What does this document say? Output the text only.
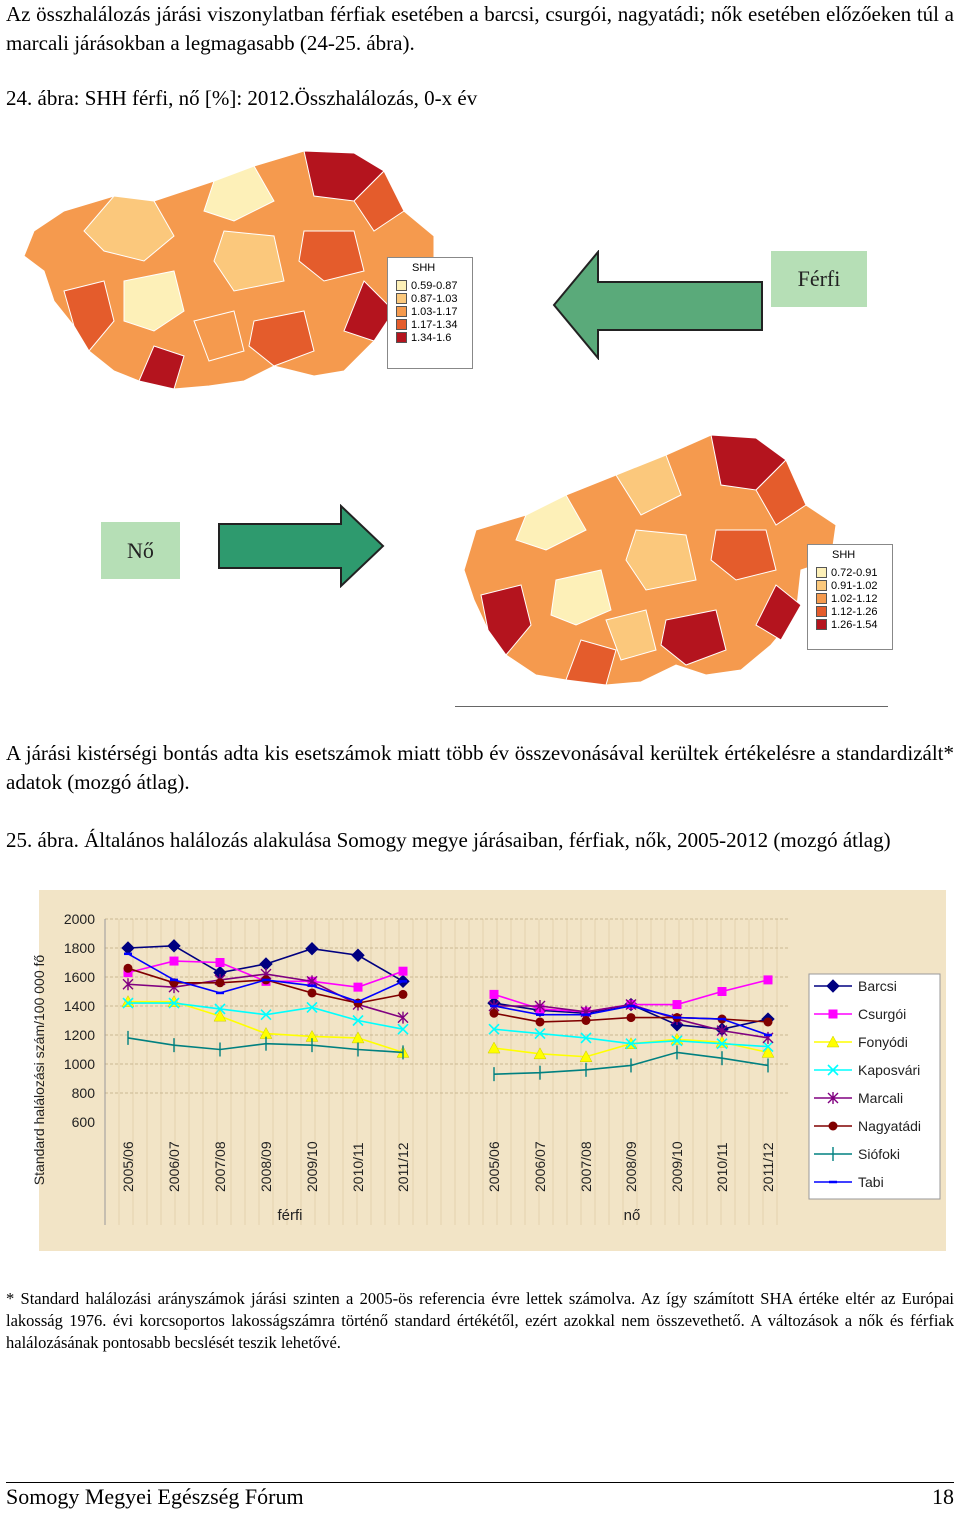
Az összhalálozás járási viszonylatban férfiak esetében a barcsi, csurgói, nagyatádi; nők esetében előzőeken túl a marcali járásokban a legmagasabb (24-25. ábra).
24. ábra: SHH férfi, nő [%]: 2012.Összhalálozás, 0-x év
SHH
0.59-0.87
0.87-1.03
1.03-1.17
1.17-1.34
1.34-1.6
Férfi
SHH
0.72-0.91
0.91-1.02
1.02-1.12
1.12-1.26
1.26-1.54
Nő
A járási kistérségi bontás adta kis esetszámok miatt több év összevonásával kerültek értékelésre a standardizált* adatok (mozgó átlag).
25. ábra. Általános halálozás alakulása Somogy megye járásaiban, férfiak, nők, 2005-2012 (mozgó átlag)
2000
1800
1600
1400
1200
1000
800
600
Standard halálozási szám/100 000 fő	2005/06 2006/07 2007/08 2008/09 2009/10 2010/11 2011/12	2005/06 2006/07 2007/08 2008/09 2009/10 2010/11 2011/12
férfi	nő
Barcsi
Csurgói
Fonyódi
Kaposvári
Marcali
Nagyatádi
Siófoki
Tabi
* Standard halálozási arányszámok járási szinten a 2005-ös referencia évre lettek számolva. Az így számított SHA értéke eltér az Európai lakosság 1976. évi korcsoportos lakosságszámra történő standard értékétől, ezért azokkal nem összevethető. A változások a nők és férfiak halálozásának pontosabb becslését teszik lehetővé.
Somogy Megyei Egészség Fórum	18
